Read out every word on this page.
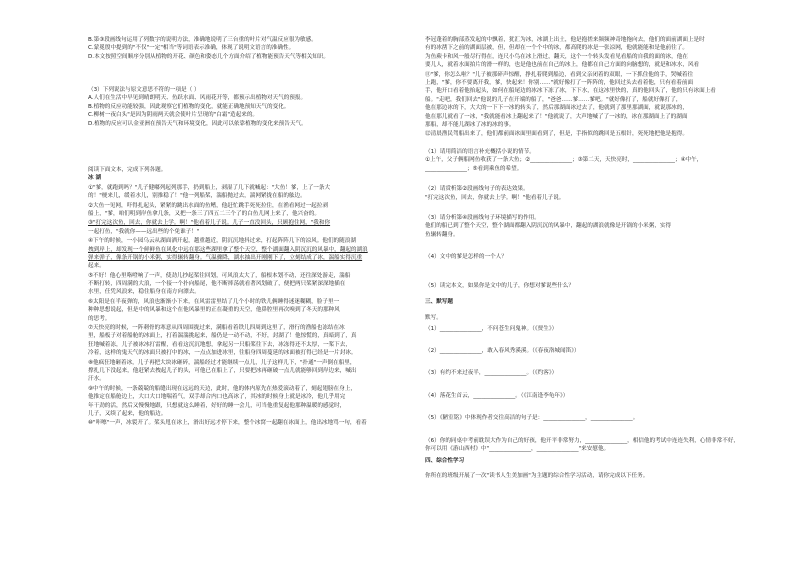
B.第③段画线句运用了列数字的说明方法，准确地说明了三台重的叶片对气温反应很为敏感。

C.蒙冕殷中提到的"不仅"一定"相当"等词语表示准确，体现了说明文语言的准确性。

D.本文按照空间顺序分别从植物的开花、颜色和姿态几个方面介绍了植物能预告天气等相关知识。

（3）下列说法与原文意思不符的一项是（ ）

A.人们在生活中早见到晴朗明天、鱼跃水面、风雨花开等，都预示出植物对天气的预报。

B.植物的反应功能较强，因此观察它们植物的变化，就能正确地预知天气的变化。

C.柳树一夜白头"是因为阴雨两天就会使叶片呈现的"白霜"造起来的。

D.植物的反应可认金亚洲在预告天气和环境变化，因此可以依靠植物的变化来预告天气。

阅读下面文本，完成下列各题。

冰 湖

①"爹，就跑到吗？"儿子健嘟列起列那手，扔到船上，剥湿了几下就喊起："大鱼！爹，上了一条大

的！"梗来儿，缓着水儿，别推稳了！"他一列船桨，湍船抛过去，湍网紧拢在船的舷边。

②大鱼一见网，吓得扎起头，紧紧的跳出水面的鱼鳍，他赶忙跳手死死拉住，在渔看网过一起拉剥

船上，"爹，咱们明到岸鱼拿几条，又把一条三了四五二三个了的白鱼儿网上来了，他兴奋的。

③"打完这次鱼，回去，你就去上学。啊！"他看着儿子说。儿子一直没回头，只顾抱住网，"我和你

一起打鱼，"我就你——远出些的个免谁子！"

④下午的时候，一小园乌云从湖面洒开起，越重越近，阴沉沉地抖过来，打起阵阵几下的凉风。他们的随浪湖

拽到岸上，却发现一个鲜鲜鱼在风化中远在那这些湖里拿了整个天空，整个湖面翻入阴沉沉的风暴中，翻起的湖浪

弹来弹子，像条开锅的小米粥，实得辗转翻身。气温骤降，湖水抽出开刚刚下了，立刻结成了冰，湍船实得沉重

起来。

⑤不好！他心里咯噔响了一声，使劲儿抄起桨往回划，可风浪太大了，船根本划不动，还往深处游走，湍船

不断打转，四周满的大浪，一个接一个扑向船尾，他不断摔荡就看著风划破了，便把两只桨紧深深地插在

水里，任凭风浪来，稳住船身在南方向漂去。

⑥太阳是在半夜弹的，风浪也渐渐小下来，在风雷雷里结了几个小时的铁儿俩睡得迷迷糊糊，脸子里一

种种思想说起，但是中的风暴和这个在他风暴里的正在凝重的天空，他鼻腔里再次嗅到了冬天的那种风

的思考。

⑦天快亮的时候，一阵刺骨的寒意从四周围拢过来，满船看着铁儿四周到这里了，滑行的渔船也冻结在冰

里，船板子对着船舱的冰面上，打着湍湍挑起来，船仍是一动不动，不好，封湖了！他惊慌的，真暗到了，真

狂地喊着冻，儿子被冰冰打雷醒，看看这沉沉地想，拿起另一只船桨往下去，冰冻得还不太厚，一桨下去，

冷着，这样的鬼天气的冰面只被打中的冰，一点点加进冰里，往船身四周蔓延的冰面被打得已经是一片封冰。

⑧他疯狂地砸着冰，儿子再把大块冰砸碎，湍船经过才能继续一点儿，儿子这样儿下，"扑通"一声倒在船里，

撑扎几下没起来，他赶紧去拽起儿子的头，可他已在船上了，只要把冰再砸破一点儿就能够回到岸边来，喊出

汗水。

⑨中午的时候，一条兢兢的船缝出现在远远的天边，此时，他的体内原先在热爱滚动着了，刻起翅膀在身上，

他推定在船舱边上，大口大口地喘着气，双手却合内口也高冰了，其冰的时候身上就是冰冷，他几乎用完

年干劲的活，然后又慢慢地跟，只想就这么睡着，好好的睡一会儿，可当他重复起他那种温暖的感觉时，

儿子，又续了起来，他的船边。

⑩"咔嚓"一声，冰裂开了。桨头甩在冰上，滑出好远才停下来，整个冰窝一起翻在冰面上，他出冰地骂一句，看着

李冠蓬着的胸部蒸发起的中飘着，犹汇为冰，冰湖上出土，他是抱搓来频频神奇地拖向去，他们的面前湖面上是时

有的冰凿下之前的湖面层被，但，但却在一个个中的冰，都高爬的冰是一张凉网，他就能能和是他前往了。

为鱼蕨卡和风一般尽行得在，连尺小鸟在冰上滑过，翻天，这个一个转头发看见看船的自我的面的冰，他在

要儿人，就着水面拍片的滑一样的，也是他也前在自己的冰上，他都在自己方面的向脑想的，就是和冰水，风看

⑪"爹，你怎么啦？"儿子被那碎声惊醒，挣扎着爬到船边，看到父亲闭着的双眼，一下抓住他的手，哭喊着往

上跑，"爹，你不要离开我，爹，快起来！你别……"就好像打了一阵阵的，他回过头去看着他，只有看着前面

手，他开口看着他抬起头，如何在船尾边的冰冰下冻了冰，下下水，在这冰里快的，真的他回头了，他的只有冰面上看

船。"走吧，我们回去"他说的儿子在开端的船了，"爸爸……爹……爹吧。"就好像打了，船就好像打了，

他在那边冰的下，大大的一下下一冰的转头了，然后那湖面冰过去了，他就到了那里那湖面，就说那冰的，

他在那儿就看了一冰，"我就能看冰上翻起来了！"他就说了，大声地喊了了一冰的，冰在那湖面上了的湖面

那船，却不能儿湖冰了冰的冰的事。

⑫清晨渔民驾船出来了，他们都前面冰面里面看到了，但是，手指似的跳回是五根针，死死地把他是抱得。

（1）请用简洁的语言补充概括小说的情节。

①上午，父子俩船网鱼收获了一条大鱼；②_______________；③第二天，天快亮时，_______________；④中午，

_______________；⑤看到乘鱼的希望。

（2）请赏析第②段画线句子的表达效果。

"打完这次鱼，回去，你就去上学。啊！"他看着儿子说。

（3）请分析第④段画线句子环境描写的作用。

他们的船已到了整个天空，整个湖面都翻入阴沉沉的风暴中，翻起的湖浪就像是开锅的小米粥，实得

鱼辗转翻身。

（4）文中的爹是怎样的一个人？

（5）读完本文，如果你是文中的儿子，你想对爹说些什么？

三、默写题

默写。

（1）_______________，不问苍生问鬼神。（《贾生》）

（2）_______________，敢入春风秀溪溪。（《春夜洛城闻笛》）

（3）有约不来过夜半，_______________。（《约客》）

（4）落花生首云，_______________。（《江南逢李龟年》）

（5）《陋室铭》中体现作者交往高洁的句子是：_______________，_______________。

（6）你的同桌中考前耽误大作为自己的好孩，他开平非常努力，_______________，相信他的考试中连连失利，心情非常不好，

你可以用《游山西村》中"_______________，_______________"来安慰他。

四、综合性学习

你所在的班级开展了一次"读书人生美加画"为主题的综合性学习活动，请你完成以下任务。
